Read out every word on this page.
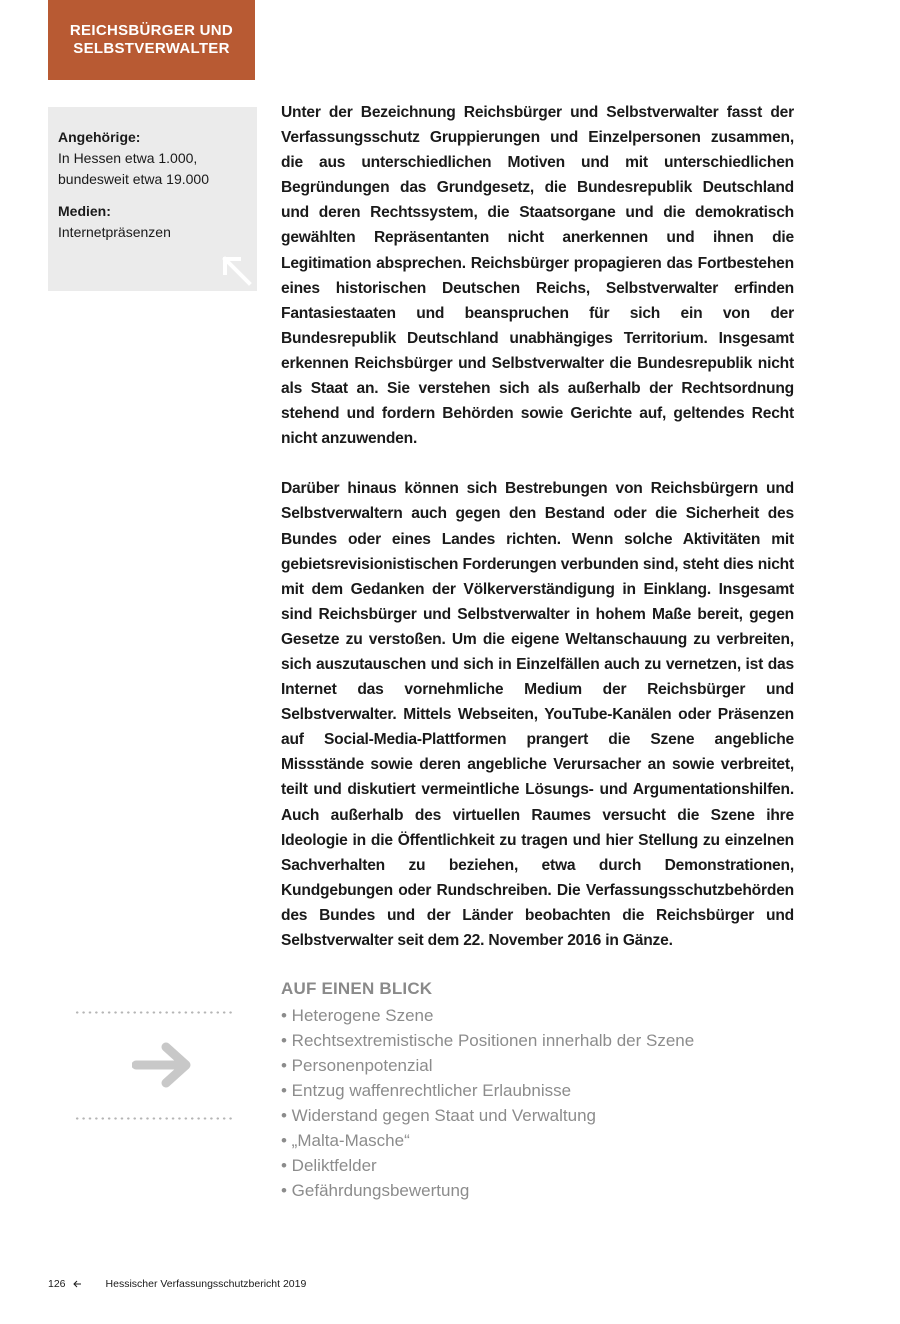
REICHSBÜRGER UND
SELBSTVERWALTER
Angehörige:
In Hessen etwa 1.000,
bundesweit etwa 19.000
Medien:
Internetpräsenzen

Unter der Bezeichnung Reichsbürger und Selbstverwalter fasst der Verfassungsschutz Gruppierungen und Einzelpersonen zusammen, die aus unterschiedlichen Motiven und mit unterschiedlichen Begründungen das Grundgesetz, die Bundesrepublik Deutschland und deren Rechtssystem, die Staatsorgane und die demokratisch gewählten Repräsentanten nicht anerkennen und ihnen die Legitimation absprechen. Reichsbürger propagieren das Fortbestehen eines historischen Deutschen Reichs, Selbstverwalter erfinden Fantasiestaaten und beanspruchen für sich ein von der Bundesrepublik Deutschland unabhängiges Territorium. Insgesamt erkennen Reichsbürger und Selbstverwalter die Bundesrepublik nicht als Staat an. Sie verstehen sich als außerhalb der Rechtsordnung stehend und fordern Behörden sowie Gerichte auf, geltendes Recht nicht anzuwenden.

Darüber hinaus können sich Bestrebungen von Reichsbürgern und Selbstverwaltern auch gegen den Bestand oder die Sicherheit des Bundes oder eines Landes richten. Wenn solche Aktivitäten mit gebietsrevisionistischen Forderungen verbunden sind, steht dies nicht mit dem Gedanken der Völkerverständigung in Einklang. Insgesamt sind Reichsbürger und Selbstverwalter in hohem Maße bereit, gegen Gesetze zu verstoßen. Um die eigene Weltanschauung zu verbreiten, sich auszutauschen und sich in Einzelfällen auch zu vernetzen, ist das Internet das vornehmliche Medium der Reichsbürger und Selbstverwalter. Mittels Webseiten, YouTube-Kanälen oder Präsenzen auf Social-Media-Plattformen prangert die Szene angebliche Missstände sowie deren angebliche Verursacher an sowie verbreitet, teilt und diskutiert vermeintliche Lösungs- und Argumentationshilfen. Auch außerhalb des virtuellen Raumes versucht die Szene ihre Ideologie in die Öffentlichkeit zu tragen und hier Stellung zu einzelnen Sachverhalten zu beziehen, etwa durch Demonstrationen, Kundgebungen oder Rundschreiben. Die Verfassungsschutzbehörden des Bundes und der Länder beobachten die Reichsbürger und Selbstverwalter seit dem 22. November 2016 in Gänze.

AUF EINEN BLICK
• Heterogene Szene
• Rechtsextremistische Positionen innerhalb der Szene
• Personenpotenzial
• Entzug waffenrechtlicher Erlaubnisse
• Widerstand gegen Staat und Verwaltung
• „Malta-Masche“
• Deliktfelder
• Gefährdungsbewertung
126	Hessischer Verfassungsschutzbericht 2019
